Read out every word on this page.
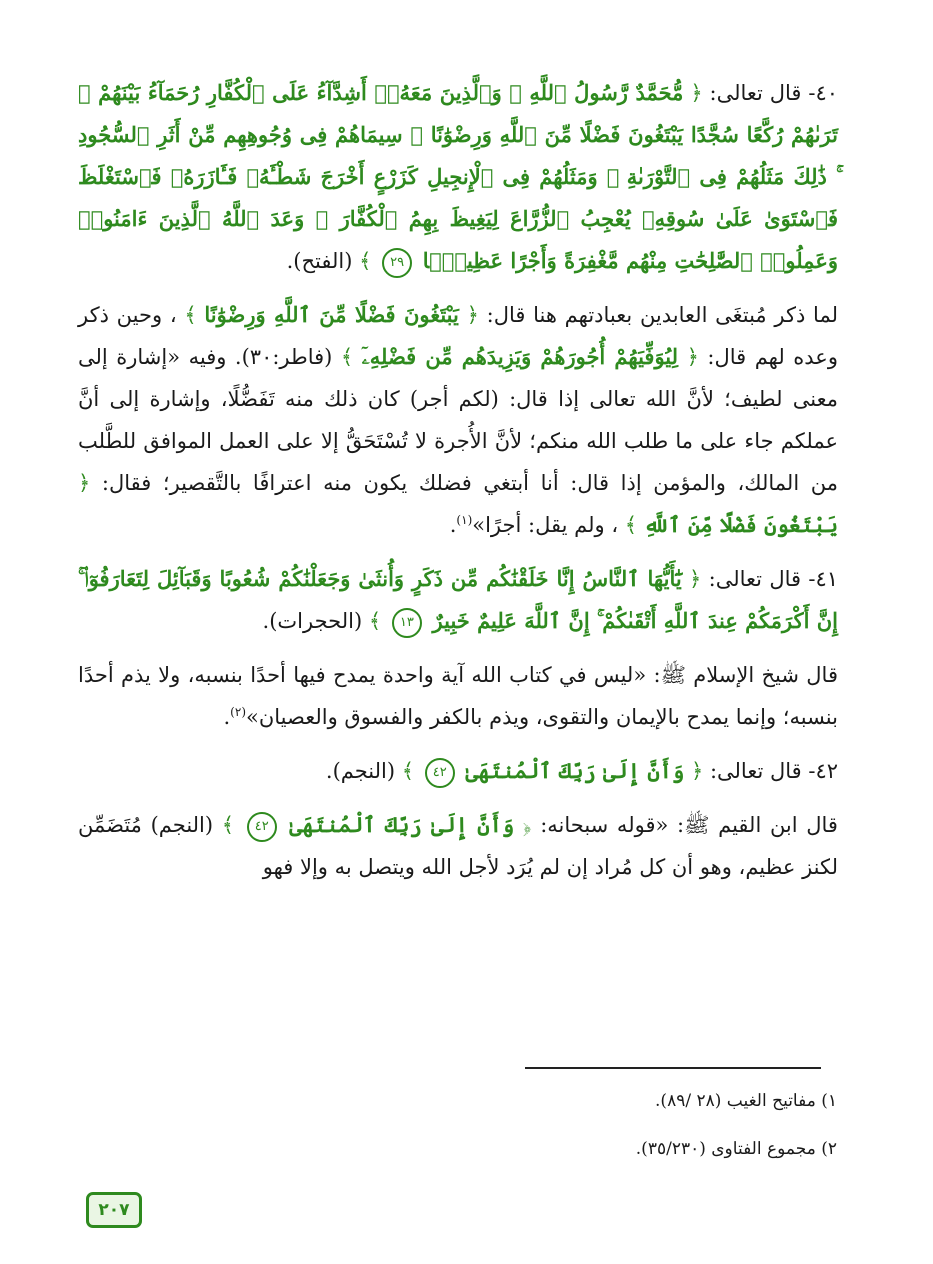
٤٠- قال تعالى: ﴿ مُّحَمَّدٌ رَّسُولُ ٱللَّهِ ۚ وَٱلَّذِينَ مَعَهُۥٓ أَشِدَّآءُ عَلَى ٱلْكُفَّارِ رُحَمَآءُ بَيْنَهُمْ ۖ تَرَىٰهُمْ رُكَّعًا سُجَّدًا يَبْتَغُونَ فَضْلًا مِّنَ ٱللَّهِ وَرِضْوَٰنًا ۖ سِيمَاهُمْ فِى وُجُوهِهِم مِّنْ أَثَرِ ٱلسُّجُودِ ۚ ذَٰلِكَ مَثَلُهُمْ فِى ٱلتَّوْرَىٰةِ ۚ وَمَثَلُهُمْ فِى ٱلْإِنجِيلِ كَزَرْعٍ أَخْرَجَ شَطْـَٔهُۥ فَـَٔازَرَهُۥ فَٱسْتَغْلَظَ فَٱسْتَوَىٰ عَلَىٰ سُوقِهِۦ يُعْجِبُ ٱلزُّرَّاعَ لِيَغِيظَ بِهِمُ ٱلْكُفَّارَ ۗ وَعَدَ ٱللَّهُ ٱلَّذِينَ ءَامَنُوا۟ وَعَمِلُوا۟ ٱلصَّٰلِحَٰتِ مِنْهُم مَّغْفِرَةً وَأَجْرًا عَظِيمًۢا ٢٩ ﴾ (الفتح).

لما ذكر مُبتغَى العابدين بعبادتهم هنا قال: ﴿ يَبْتَغُونَ فَضْلًا مِّنَ ٱللَّهِ وَرِضْوَٰنًا ﴾ ، وحين ذكر وعده لهم قال: ﴿ لِيُوَفِّيَهُمْ أُجُورَهُمْ وَيَزِيدَهُم مِّن فَضْلِهِۦٓ ﴾ (فاطر:٣٠). وفيه «إشارة إلى معنى لطيف؛ لأنَّ الله تعالى إذا قال: (لكم أجر) كان ذلك منه تَفَضُّلًا، وإشارة إلى أنَّ عملكم جاء على ما طلب الله منكم؛ لأنَّ الأُجرة لا تُسْتَحَقُّ إلا على العمل الموافق للطَّلب من المالك، والمؤمن إذا قال: أنا أبتغي فضلك يكون منه اعترافًا بالتَّقصير؛ فقال: ﴿ يَبْتَغُونَ فَضْلًا مِّنَ ٱللَّهِ ﴾ ، ولم يقل: أجرًا»$^{(١)}$.

٤١- قال تعالى: ﴿ يَٰٓأَيُّهَا ٱلنَّاسُ إِنَّا خَلَقْنَٰكُم مِّن ذَكَرٍ وَأُنثَىٰ وَجَعَلْنَٰكُمْ شُعُوبًا وَقَبَآئِلَ لِتَعَارَفُوٓا۟ ۚ إِنَّ أَكْرَمَكُمْ عِندَ ٱللَّهِ أَتْقَىٰكُمْ ۚ إِنَّ ٱللَّهَ عَلِيمٌ خَبِيرٌ ١٣ ﴾ (الحجرات).

قال شيخ الإسلام ﷺ: «ليس في كتاب الله آية واحدة يمدح فيها أحدًا بنسبه، ولا يذم أحدًا بنسبه؛ وإنما يمدح بالإيمان والتقوى، ويذم بالكفر والفسوق والعصيان»$^{(٢)}$.

٤٢- قال تعالى: ﴿ وَأَنَّ إِلَىٰ رَبِّكَ ٱلْمُنتَهَىٰ ٤٢ ﴾ (النجم).

قال ابن القيم ﷺ: «قوله سبحانه: ﴿ وَأَنَّ إِلَىٰ رَبِّكَ ٱلْمُنتَهَىٰ ٤٢ ﴾ (النجم) مُتَضَمِّن لكنز عظيم، وهو أن كل مُراد إن لم يُرَد لأجل الله ويتصل به وإلا فهو

١) مفاتيح الغيب (٢٨ /٨٩).

٢) مجموع الفتاوى (٣٥/٢٣٠).

٢٠٧
